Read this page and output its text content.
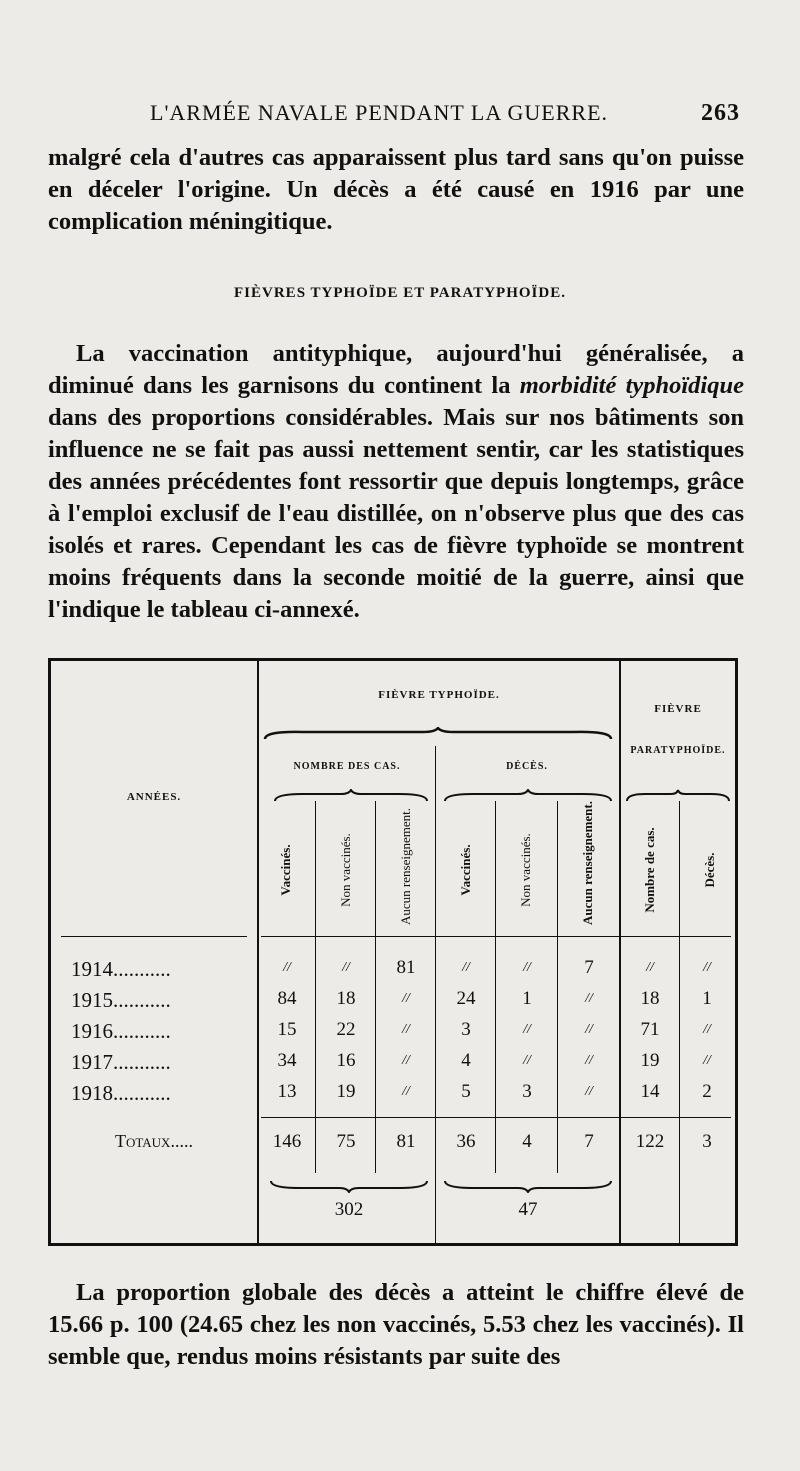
L'ARMÉE NAVALE PENDANT LA GUERRE.	263
malgré cela d'autres cas apparaissent plus tard sans qu'on puisse en déceler l'origine. Un décès a été causé en 1916 par une complication méningitique.
FIÈVRES TYPHOÏDE ET PARATYPHOÏDE.
La vaccination antityphique, aujourd'hui généralisée, a diminué dans les garnisons du continent la morbidité typhoïdique dans des proportions considérables. Mais sur nos bâtiments son influence ne se fait pas aussi nettement sentir, car les statistiques des années précédentes font ressortir que depuis longtemps, grâce à l'emploi exclusif de l'eau distillée, on n'observe plus que des cas isolés et rares. Cependant les cas de fièvre typhoïde se montrent moins fréquents dans la seconde moitié de la guerre, ainsi que l'indique le tableau ci-annexé.
ANNÉES.
FIÈVRE TYPHOÏDE.
FIÈVRE
PARATYPHOÏDE.
NOMBRE DES CAS.	DÉCÈS.
Vaccinés.	Non vaccinés.	Aucun renseignement.	Vaccinés.	Non vaccinés.	Aucun renseignement.	Nombre de cas.	Décès.
1914...........	//	//	81	//	//	7	//	//
1915...........	84	18	//	24	1	//	18	1
1916...........	15	22	//	3	//	//	71	//
1917...........	34	16	//	4	//	//	19	//
1918...........	13	19	//	5	3	//	14	2
Totaux.....	146	75	81	36	4	7	122	3
302	47
La proportion globale des décès a atteint le chiffre élevé de 15.66 p. 100 (24.65 chez les non vaccinés, 5.53 chez les vaccinés). Il semble que, rendus moins résistants par suite des
